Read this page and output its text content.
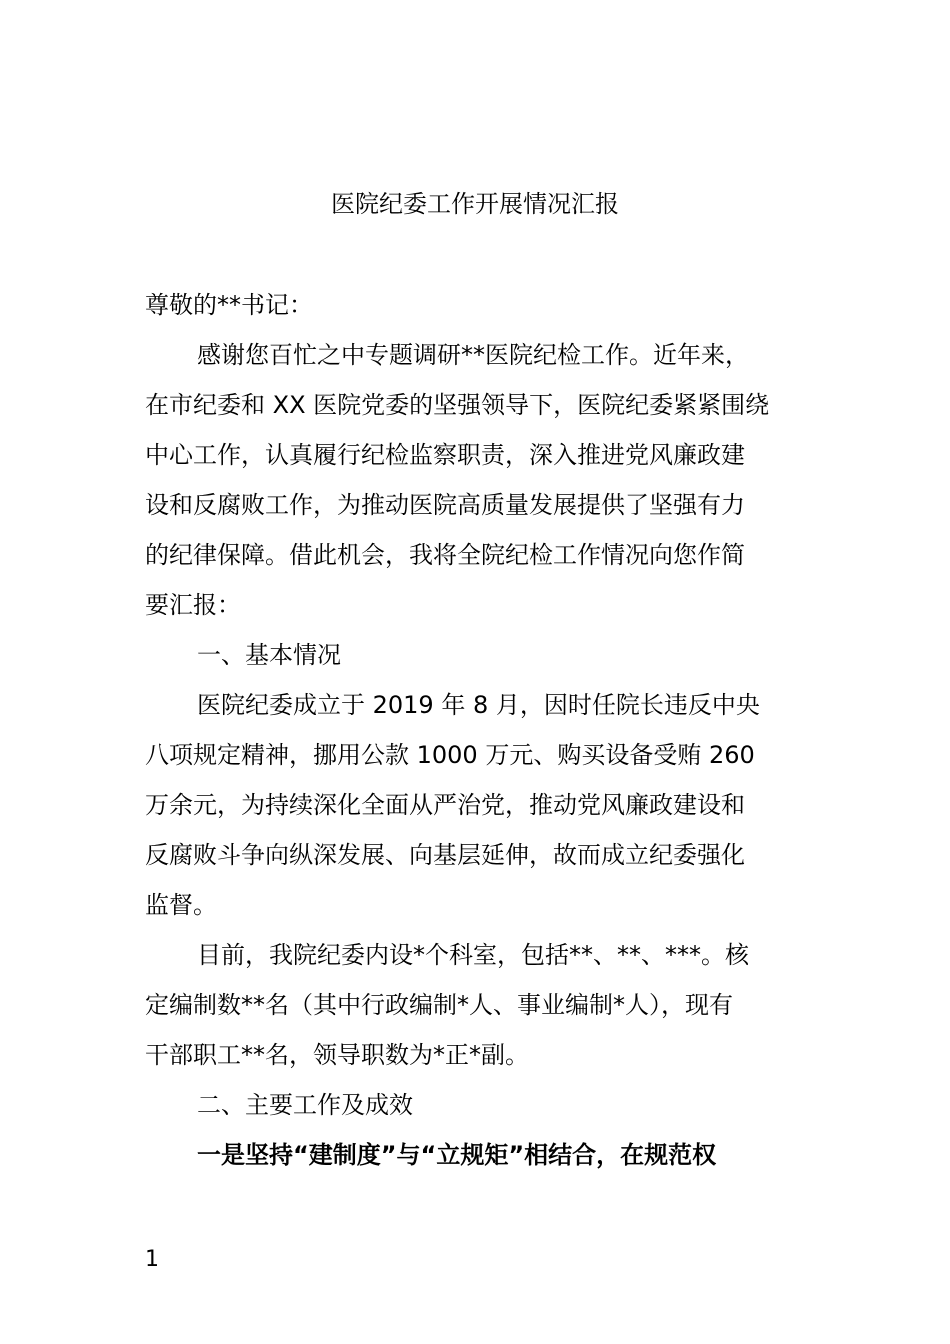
医院纪委工作开展情况汇报
尊敬的**书记：
感谢您百忙之中专题调研**医院纪检工作。近年来，
在市纪委和 XX 医院党委的坚强领导下，医院纪委紧紧围绕
中心工作，认真履行纪检监察职责，深入推进党风廉政建
设和反腐败工作，为推动医院高质量发展提供了坚强有力
的纪律保障。借此机会，我将全院纪检工作情况向您作简
要汇报：
一、基本情况
医院纪委成立于 2019 年 8 月，因时任院长违反中央
八项规定精神，挪用公款 1000 万元、购买设备受贿 260
万余元，为持续深化全面从严治党，推动党风廉政建设和
反腐败斗争向纵深发展、向基层延伸，故而成立纪委强化
监督。
目前，我院纪委内设*个科室，包括**、**、***。核
定编制数**名（其中行政编制*人、事业编制*人），现有
干部职工**名，领导职数为*正*副。
二、主要工作及成效
一是坚持“建制度”与“立规矩”相结合，在规范权
1
